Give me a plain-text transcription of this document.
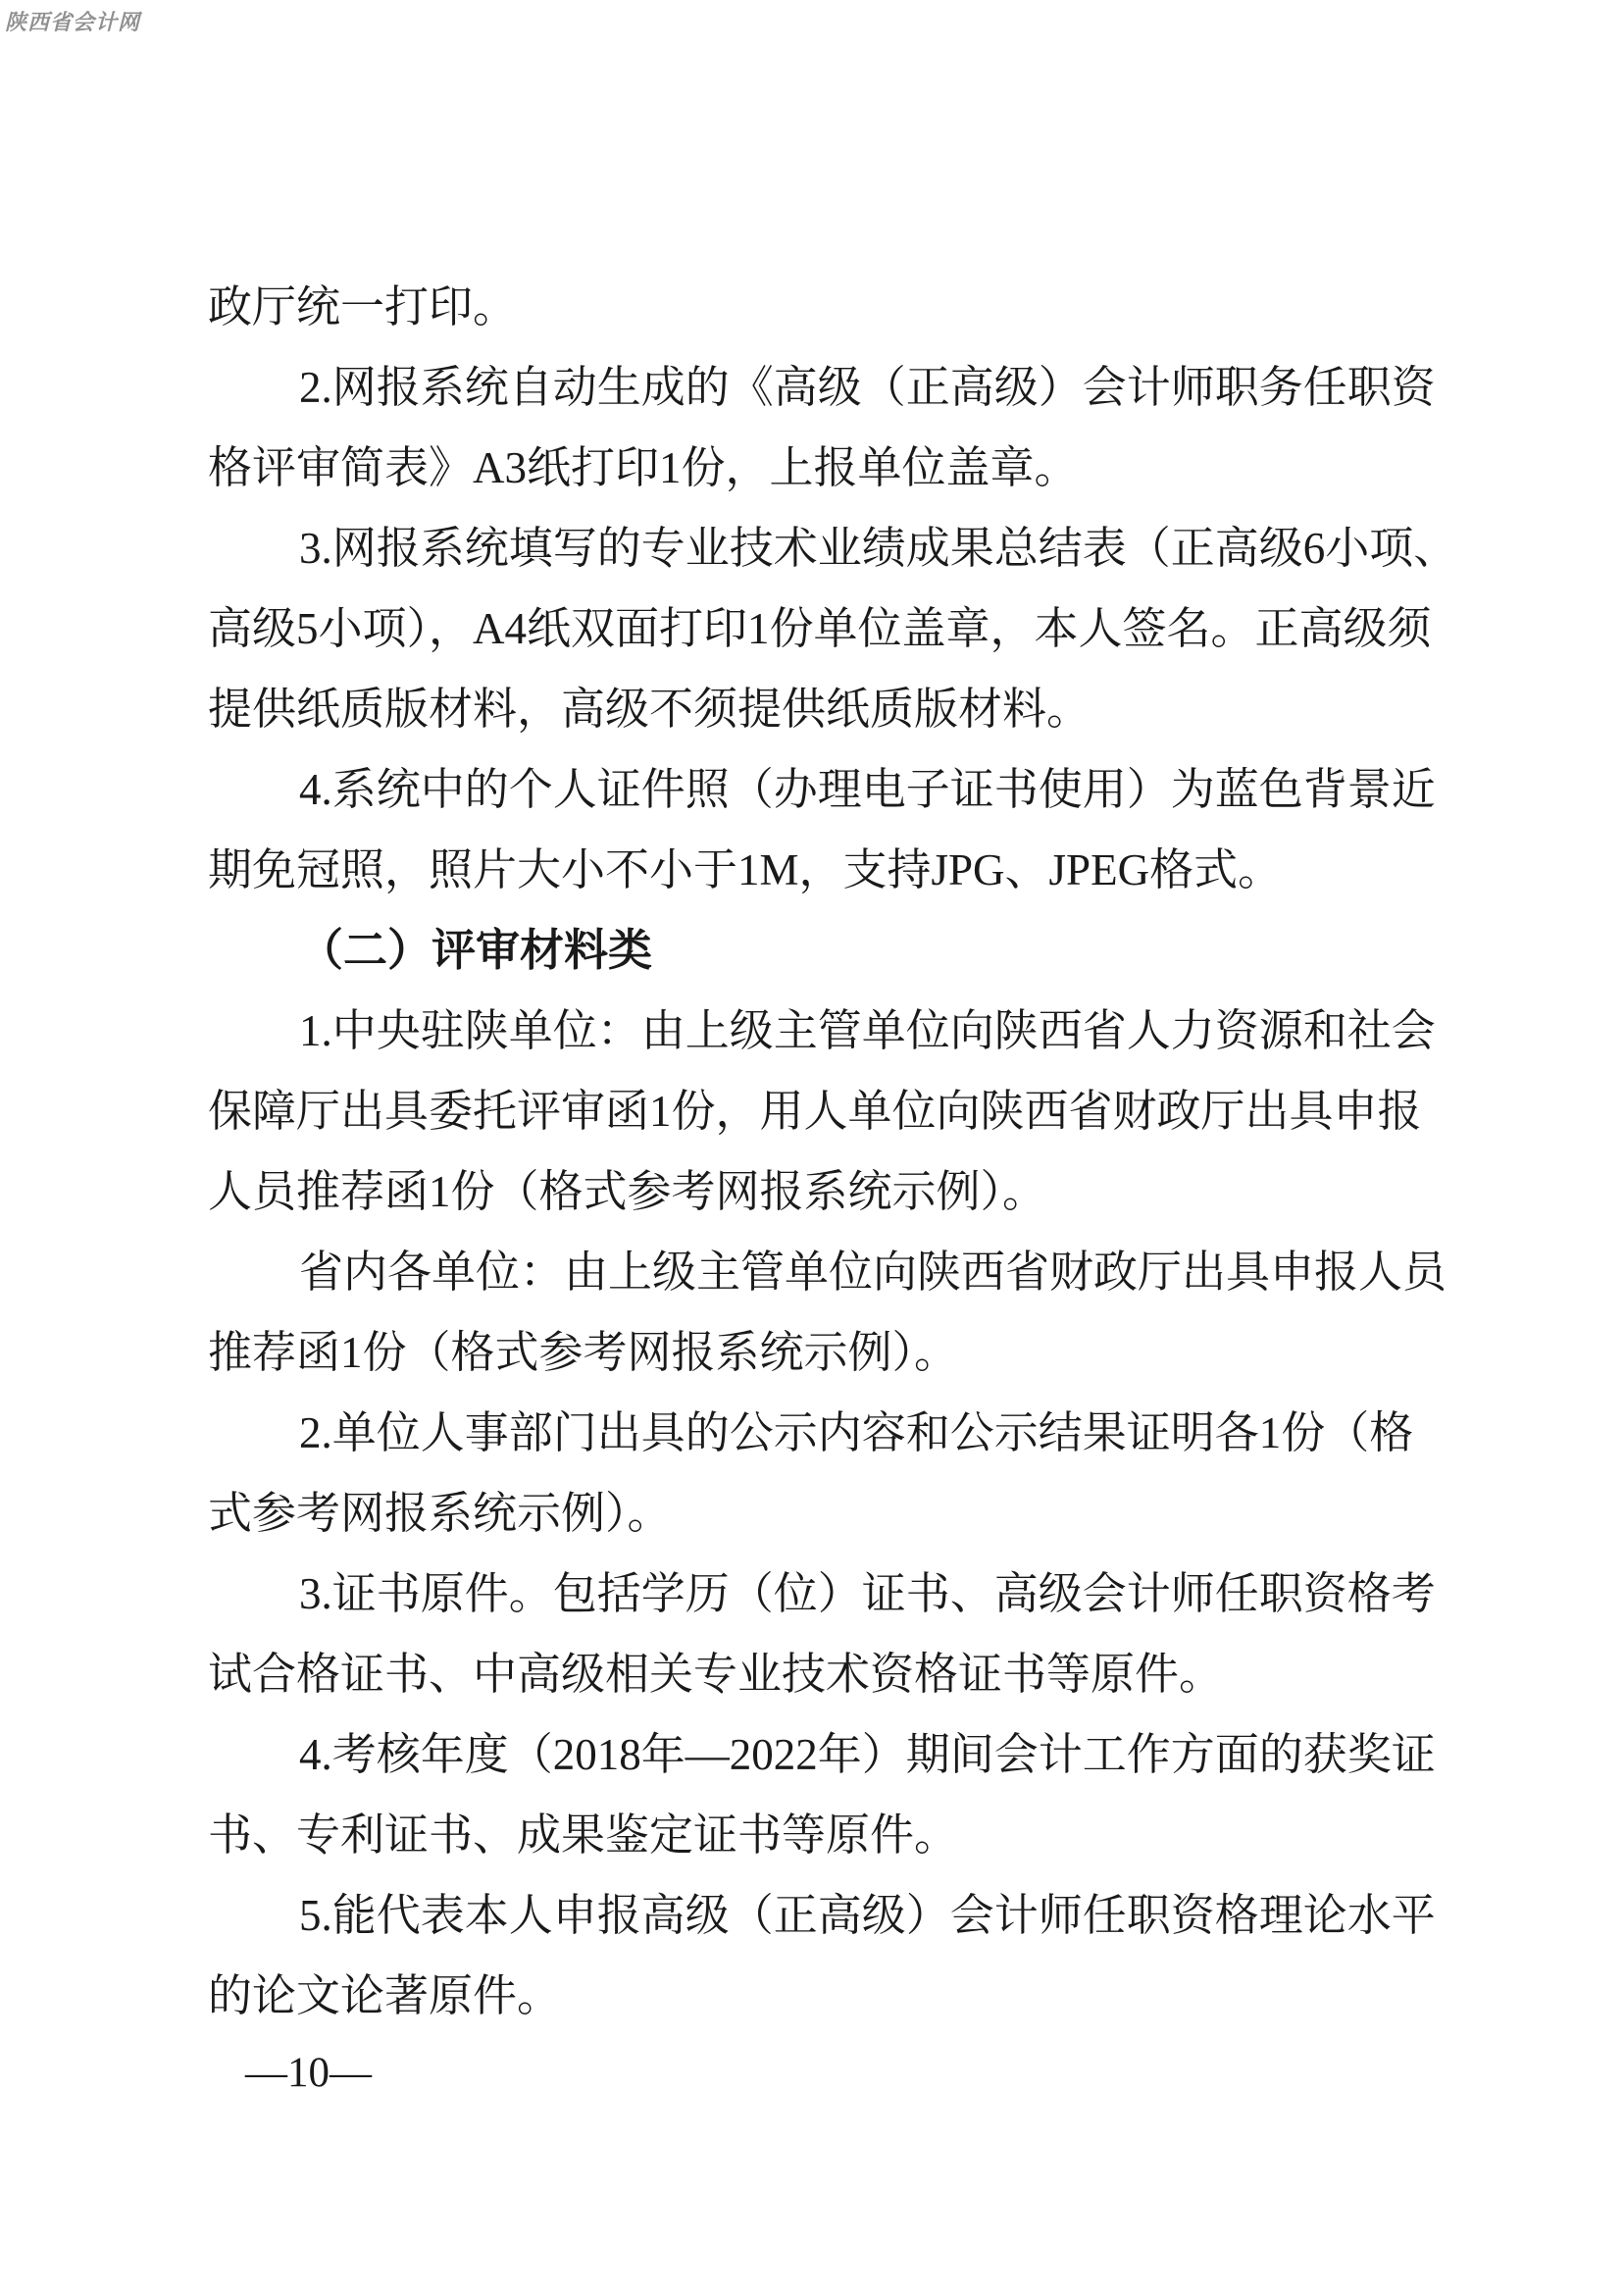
陕西省会计网
政厅统一打印。
2.网报系统自动生成的《高级（正高级）会计师职务任职资
格评审简表》A3纸打印1份，上报单位盖章。
3.网报系统填写的专业技术业绩成果总结表（正高级6小项、
高级5小项），A4纸双面打印1份单位盖章，本人签名。正高级须
提供纸质版材料，高级不须提供纸质版材料。
4.系统中的个人证件照（办理电子证书使用）为蓝色背景近
期免冠照，照片大小不小于1M，支持JPG、JPEG格式。
（二）评审材料类
1.中央驻陕单位：由上级主管单位向陕西省人力资源和社会
保障厅出具委托评审函1份，用人单位向陕西省财政厅出具申报
人员推荐函1份（格式参考网报系统示例）。
省内各单位：由上级主管单位向陕西省财政厅出具申报人员
推荐函1份（格式参考网报系统示例）。
2.单位人事部门出具的公示内容和公示结果证明各1份（格
式参考网报系统示例）。
3.证书原件。包括学历（位）证书、高级会计师任职资格考
试合格证书、中高级相关专业技术资格证书等原件。
4.考核年度（2018年—2022年）期间会计工作方面的获奖证
书、专利证书、成果鉴定证书等原件。
5.能代表本人申报高级（正高级）会计师任职资格理论水平
的论文论著原件。
—10—
